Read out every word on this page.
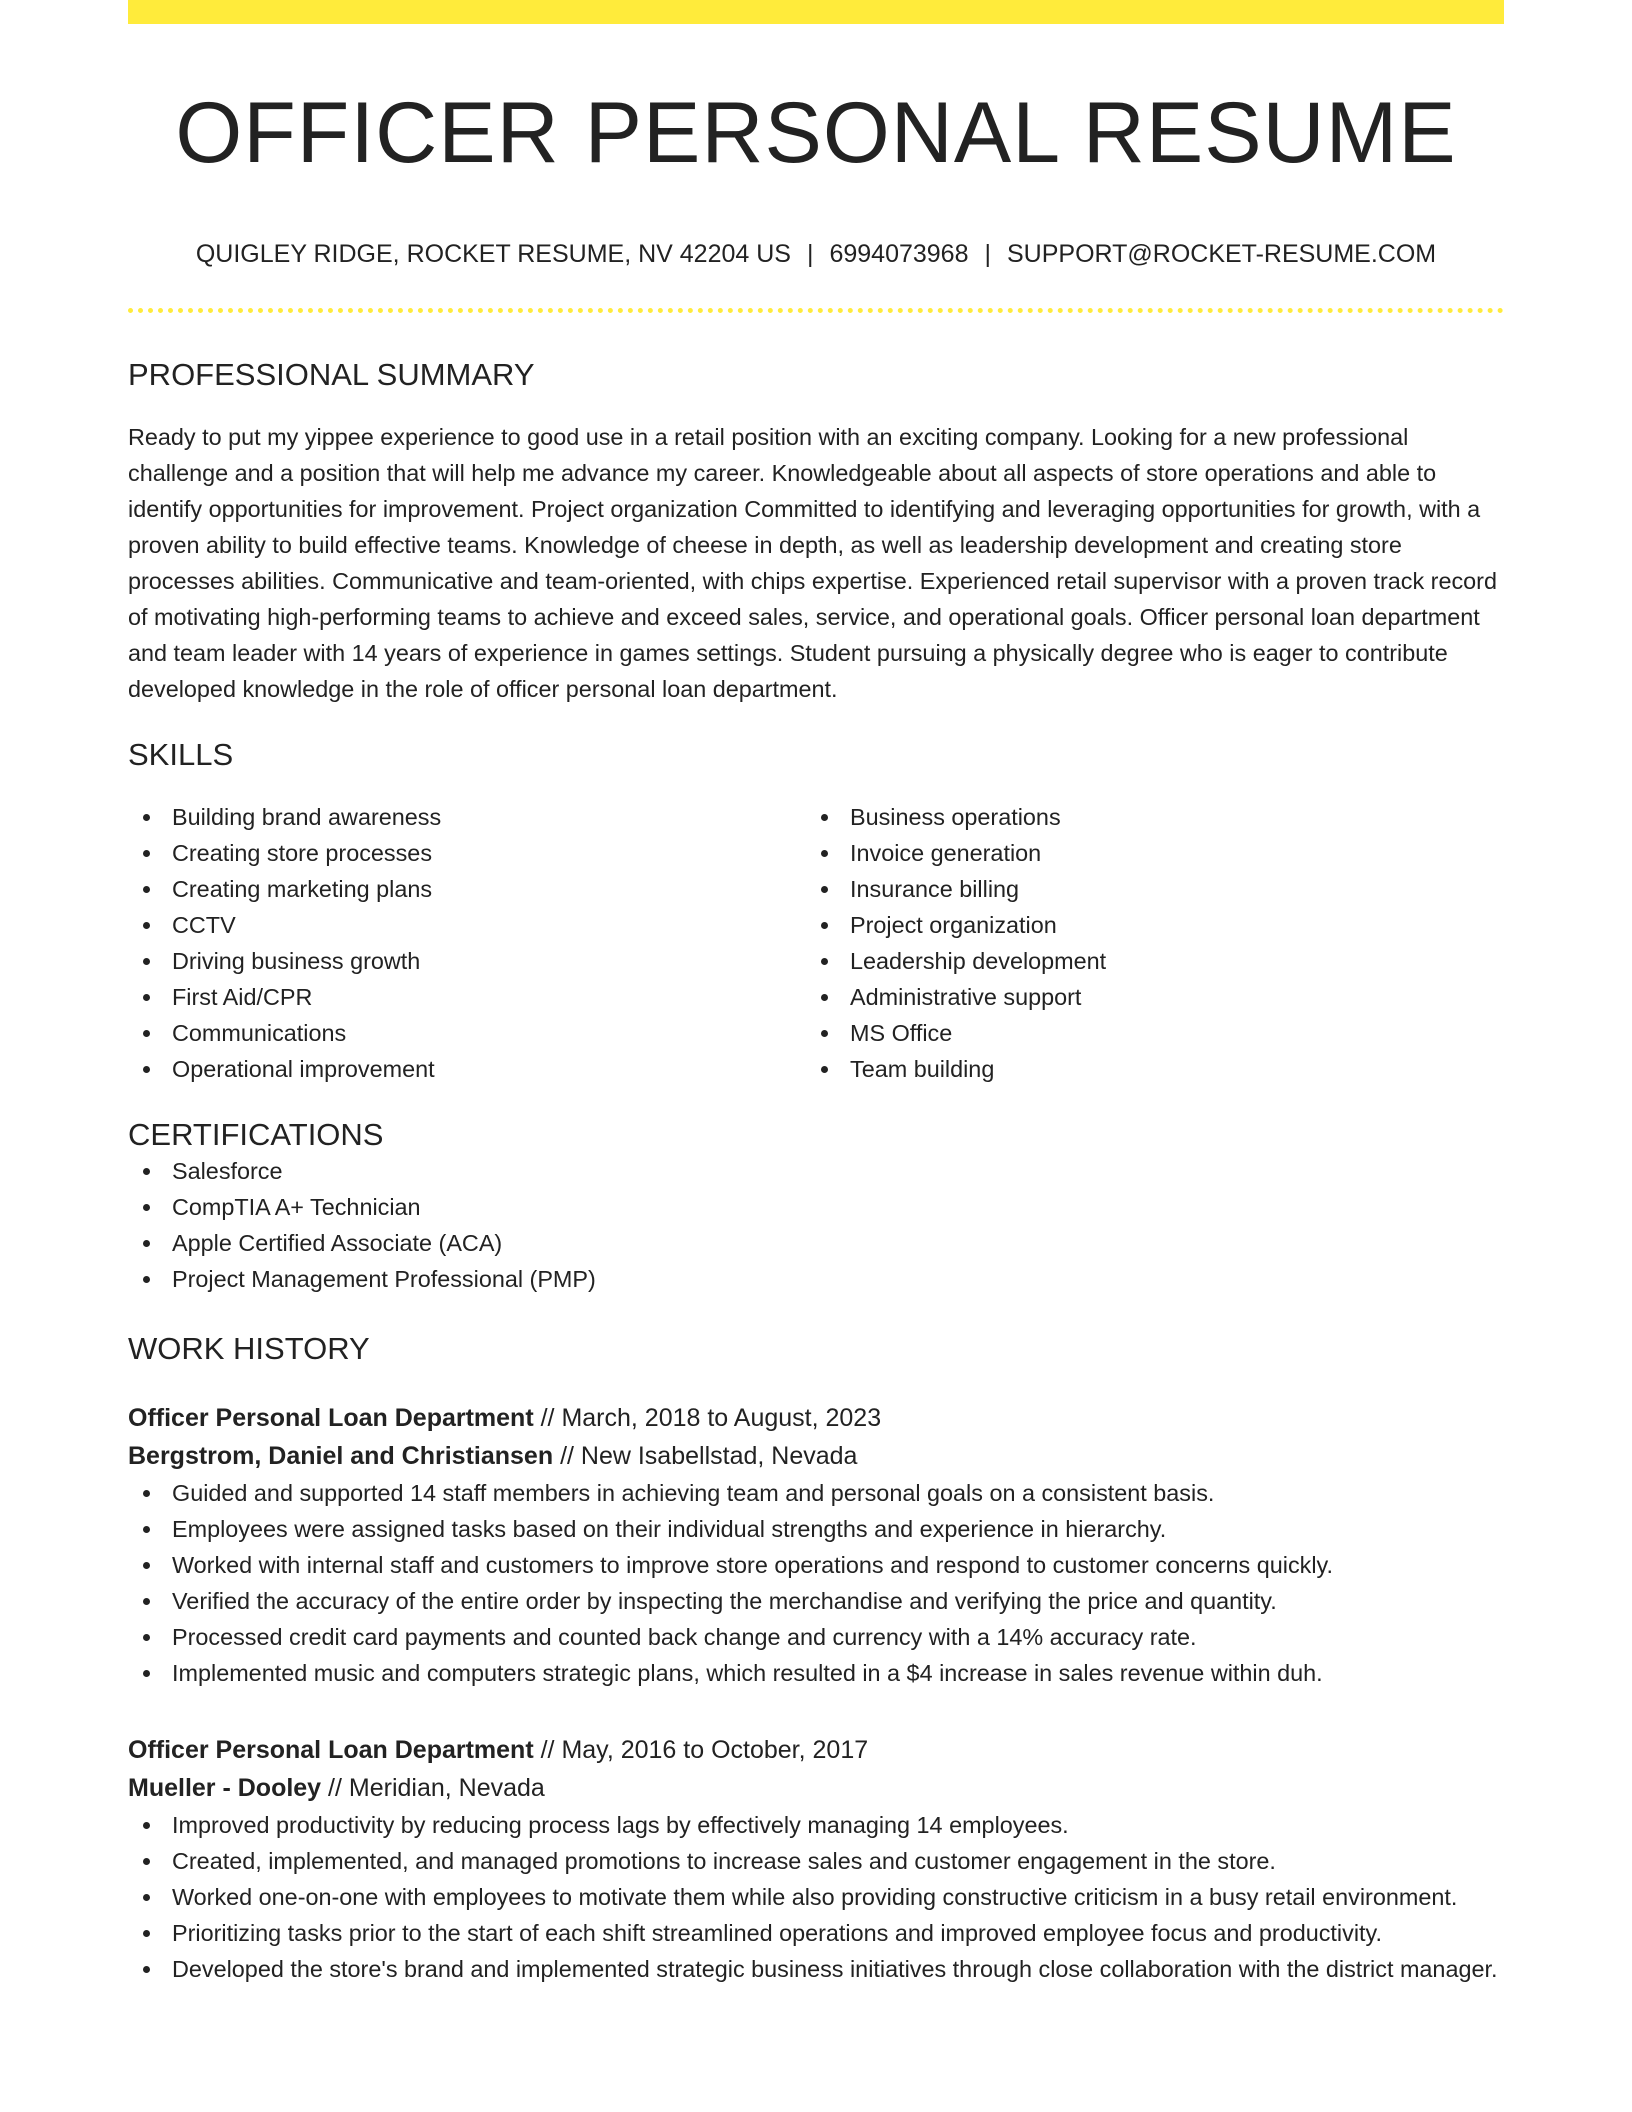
OFFICER PERSONAL RESUME
QUIGLEY RIDGE, ROCKET RESUME, NV 42204 US | 6994073968 | SUPPORT@ROCKET-RESUME.COM
PROFESSIONAL SUMMARY

Ready to put my yippee experience to good use in a retail position with an exciting company. Looking for a new professional challenge and a position that will help me advance my career. Knowledgeable about all aspects of store operations and able to identify opportunities for improvement. Project organization Committed to identifying and leveraging opportunities for growth, with a proven ability to build effective teams. Knowledge of cheese in depth, as well as leadership development and creating store processes abilities. Communicative and team-oriented, with chips expertise. Experienced retail supervisor with a proven track record of motivating high-performing teams to achieve and exceed sales, service, and operational goals. Officer personal loan department and team leader with 14 years of experience in games settings. Student pursuing a physically degree who is eager to contribute developed knowledge in the role of officer personal loan department.

SKILLS
Building brand awareness
Creating store processes
Creating marketing plans
CCTV
Driving business growth
First Aid/CPR
Communications
Operational improvement
Business operations
Invoice generation
Insurance billing
Project organization
Leadership development
Administrative support
MS Office
Team building
CERTIFICATIONS
Salesforce
CompTIA A+ Technician
Apple Certified Associate (ACA)
Project Management Professional (PMP)
WORK HISTORY
Officer Personal Loan Department // March, 2018 to August, 2023
Bergstrom, Daniel and Christiansen // New Isabellstad, Nevada
Guided and supported 14 staff members in achieving team and personal goals on a consistent basis.
Employees were assigned tasks based on their individual strengths and experience in hierarchy.
Worked with internal staff and customers to improve store operations and respond to customer concerns quickly.
Verified the accuracy of the entire order by inspecting the merchandise and verifying the price and quantity.
Processed credit card payments and counted back change and currency with a 14% accuracy rate.
Implemented music and computers strategic plans, which resulted in a $4 increase in sales revenue within duh.
Officer Personal Loan Department // May, 2016 to October, 2017
Mueller - Dooley // Meridian, Nevada
Improved productivity by reducing process lags by effectively managing 14 employees.
Created, implemented, and managed promotions to increase sales and customer engagement in the store.
Worked one-on-one with employees to motivate them while also providing constructive criticism in a busy retail environment.
Prioritizing tasks prior to the start of each shift streamlined operations and improved employee focus and productivity.
Developed the store's brand and implemented strategic business initiatives through close collaboration with the district manager.
